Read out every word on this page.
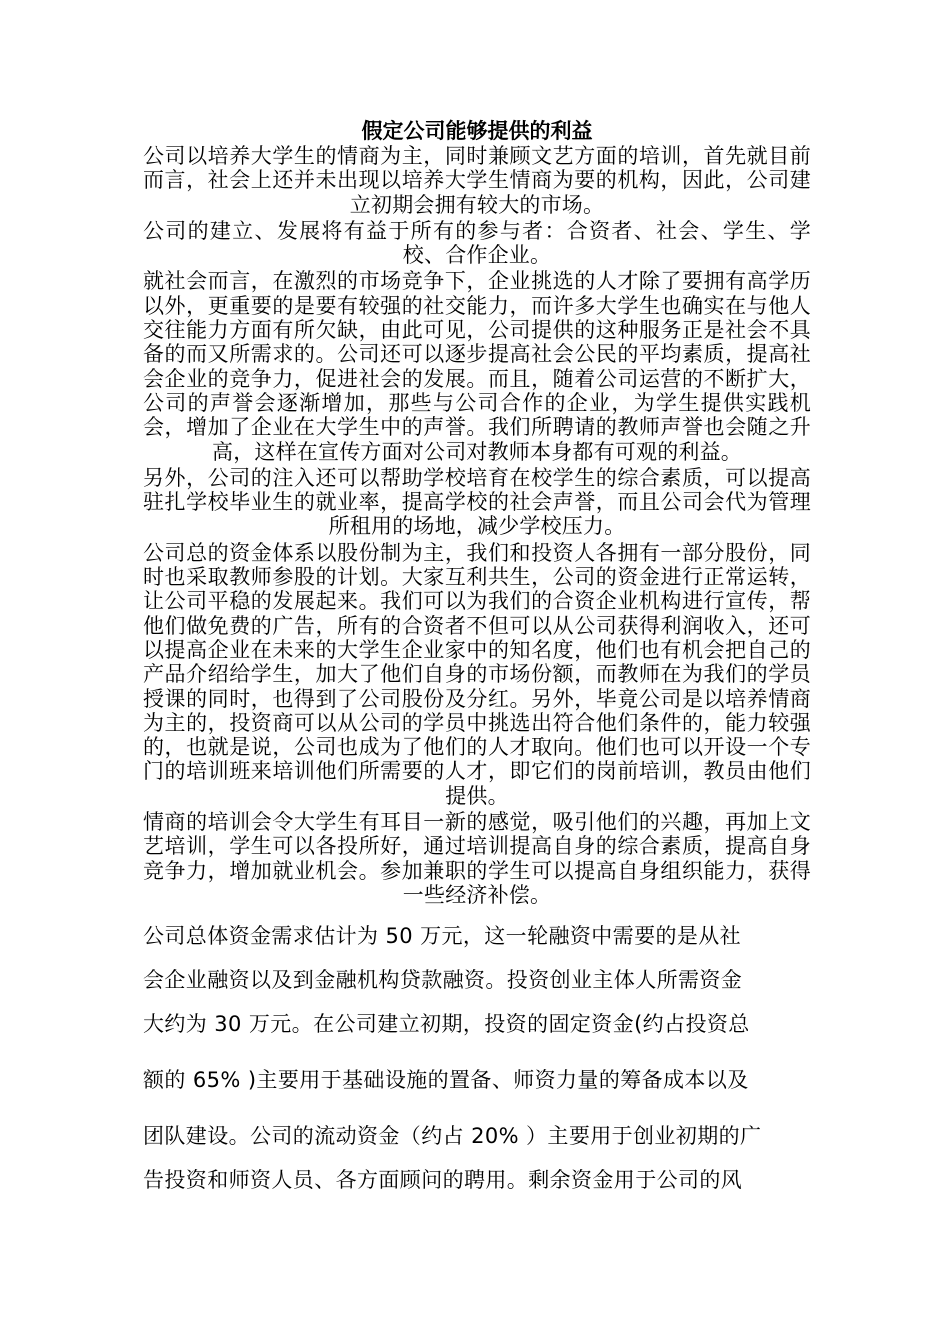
假定公司能够提供的利益

公司以培养大学生的情商为主，同时兼顾文艺方面的培训，首先就目前而言，社会上还并未出现以培养大学生情商为要的机构，因此，公司建立初期会拥有较大的市场。

公司的建立、发展将有益于所有的参与者：合资者、社会、学生、学校、合作企业。

就社会而言，在激烈的市场竞争下，企业挑选的人才除了要拥有高学历以外，更重要的是要有较强的社交能力，而许多大学生也确实在与他人交往能力方面有所欠缺，由此可见，公司提供的这种服务正是社会不具备的而又所需求的。公司还可以逐步提高社会公民的平均素质，提高社会企业的竞争力，促进社会的发展。而且，随着公司运营的不断扩大，公司的声誉会逐渐增加，那些与公司合作的企业，为学生提供实践机会，增加了企业在大学生中的声誉。我们所聘请的教师声誉也会随之升高，这样在宣传方面对公司对教师本身都有可观的利益。

另外，公司的注入还可以帮助学校培育在校学生的综合素质，可以提高驻扎学校毕业生的就业率，提高学校的社会声誉，而且公司会代为管理所租用的场地，减少学校压力。

公司总的资金体系以股份制为主，我们和投资人各拥有一部分股份，同时也采取教师参股的计划。大家互利共生，公司的资金进行正常运转，让公司平稳的发展起来。我们可以为我们的合资企业机构进行宣传，帮他们做免费的广告，所有的合资者不但可以从公司获得利润收入，还可以提高企业在未来的大学生企业家中的知名度，他们也有机会把自己的产品介绍给学生，加大了他们自身的市场份额，而教师在为我们的学员授课的同时，也得到了公司股份及分红。另外，毕竟公司是以培养情商为主的，投资商可以从公司的学员中挑选出符合他们条件的，能力较强的，也就是说，公司也成为了他们的人才取向。他们也可以开设一个专门的培训班来培训他们所需要的人才，即它们的岗前培训，教员由他们提供。

情商的培训会令大学生有耳目一新的感觉，吸引他们的兴趣，再加上文艺培训，学生可以各投所好，通过培训提高自身的综合素质，提高自身竞争力，增加就业机会。参加兼职的学生可以提高自身组织能力，获得一些经济补偿。

公司总体资金需求估计为 50 万元，这一轮融资中需要的是从社
会企业融资以及到金融机构贷款融资。投资创业主体人所需资金
大约为 30 万元。在公司建立初期，投资的固定资金(约占投资总
额的 65% )主要用于基础设施的置备、师资力量的筹备成本以及
团队建设。公司的流动资金（约占 20% ）主要用于创业初期的广
告投资和师资人员、各方面顾问的聘用。剩余资金用于公司的风
